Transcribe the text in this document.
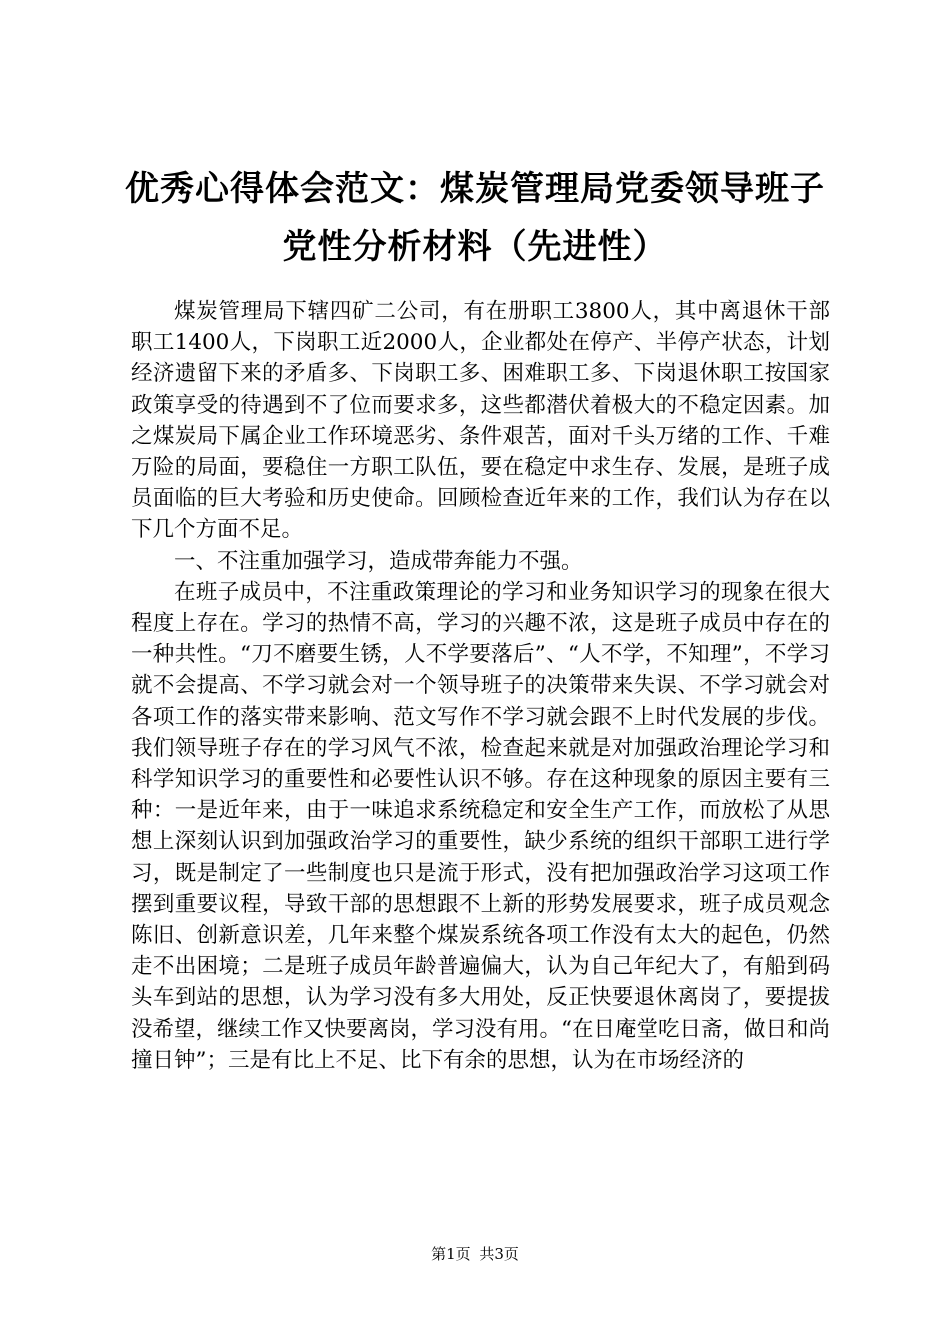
优秀心得体会范文：煤炭管理局党委领导班子
党性分析材料（先进性）

煤炭管理局下辖四矿二公司，有在册职工3800人，其中离退休干部职工1400人，下岗职工近2000人，企业都处在停产、半停产状态，计划经济遗留下来的矛盾多、下岗职工多、困难职工多、下岗退休职工按国家政策享受的待遇到不了位而要求多，这些都潜伏着极大的不稳定因素。加之煤炭局下属企业工作环境恶劣、条件艰苦，面对千头万绪的工作、千难万险的局面，要稳住一方职工队伍，要在稳定中求生存、发展，是班子成员面临的巨大考验和历史使命。回顾检查近年来的工作，我们认为存在以下几个方面不足。

一、不注重加强学习，造成带奔能力不强。

在班子成员中，不注重政策理论的学习和业务知识学习的现象在很大程度上存在。学习的热情不高，学习的兴趣不浓，这是班子成员中存在的一种共性。“刀不磨要生锈，人不学要落后”、“人不学，不知理”，不学习就不会提高、不学习就会对一个领导班子的决策带来失误、不学习就会对各项工作的落实带来影响、范文写作不学习就会跟不上时代发展的步伐。我们领导班子存在的学习风气不浓，检查起来就是对加强政治理论学习和科学知识学习的重要性和必要性认识不够。存在这种现象的原因主要有三种：一是近年来，由于一味追求系统稳定和安全生产工作，而放松了从思想上深刻认识到加强政治学习的重要性，缺少系统的组织干部职工进行学习，既是制定了一些制度也只是流于形式，没有把加强政治学习这项工作摆到重要议程，导致干部的思想跟不上新的形势发展要求，班子成员观念陈旧、创新意识差，几年来整个煤炭系统各项工作没有太大的起色，仍然走不出困境；二是班子成员年龄普遍偏大，认为自己年纪大了，有船到码头车到站的思想，认为学习没有多大用处，反正快要退休离岗了，要提拔没希望，继续工作又快要离岗，学习没有用。“在日庵堂吃日斋，做日和尚撞日钟”；三是有比上不足、比下有余的思想，认为在市场经济的

第1页 共3页
